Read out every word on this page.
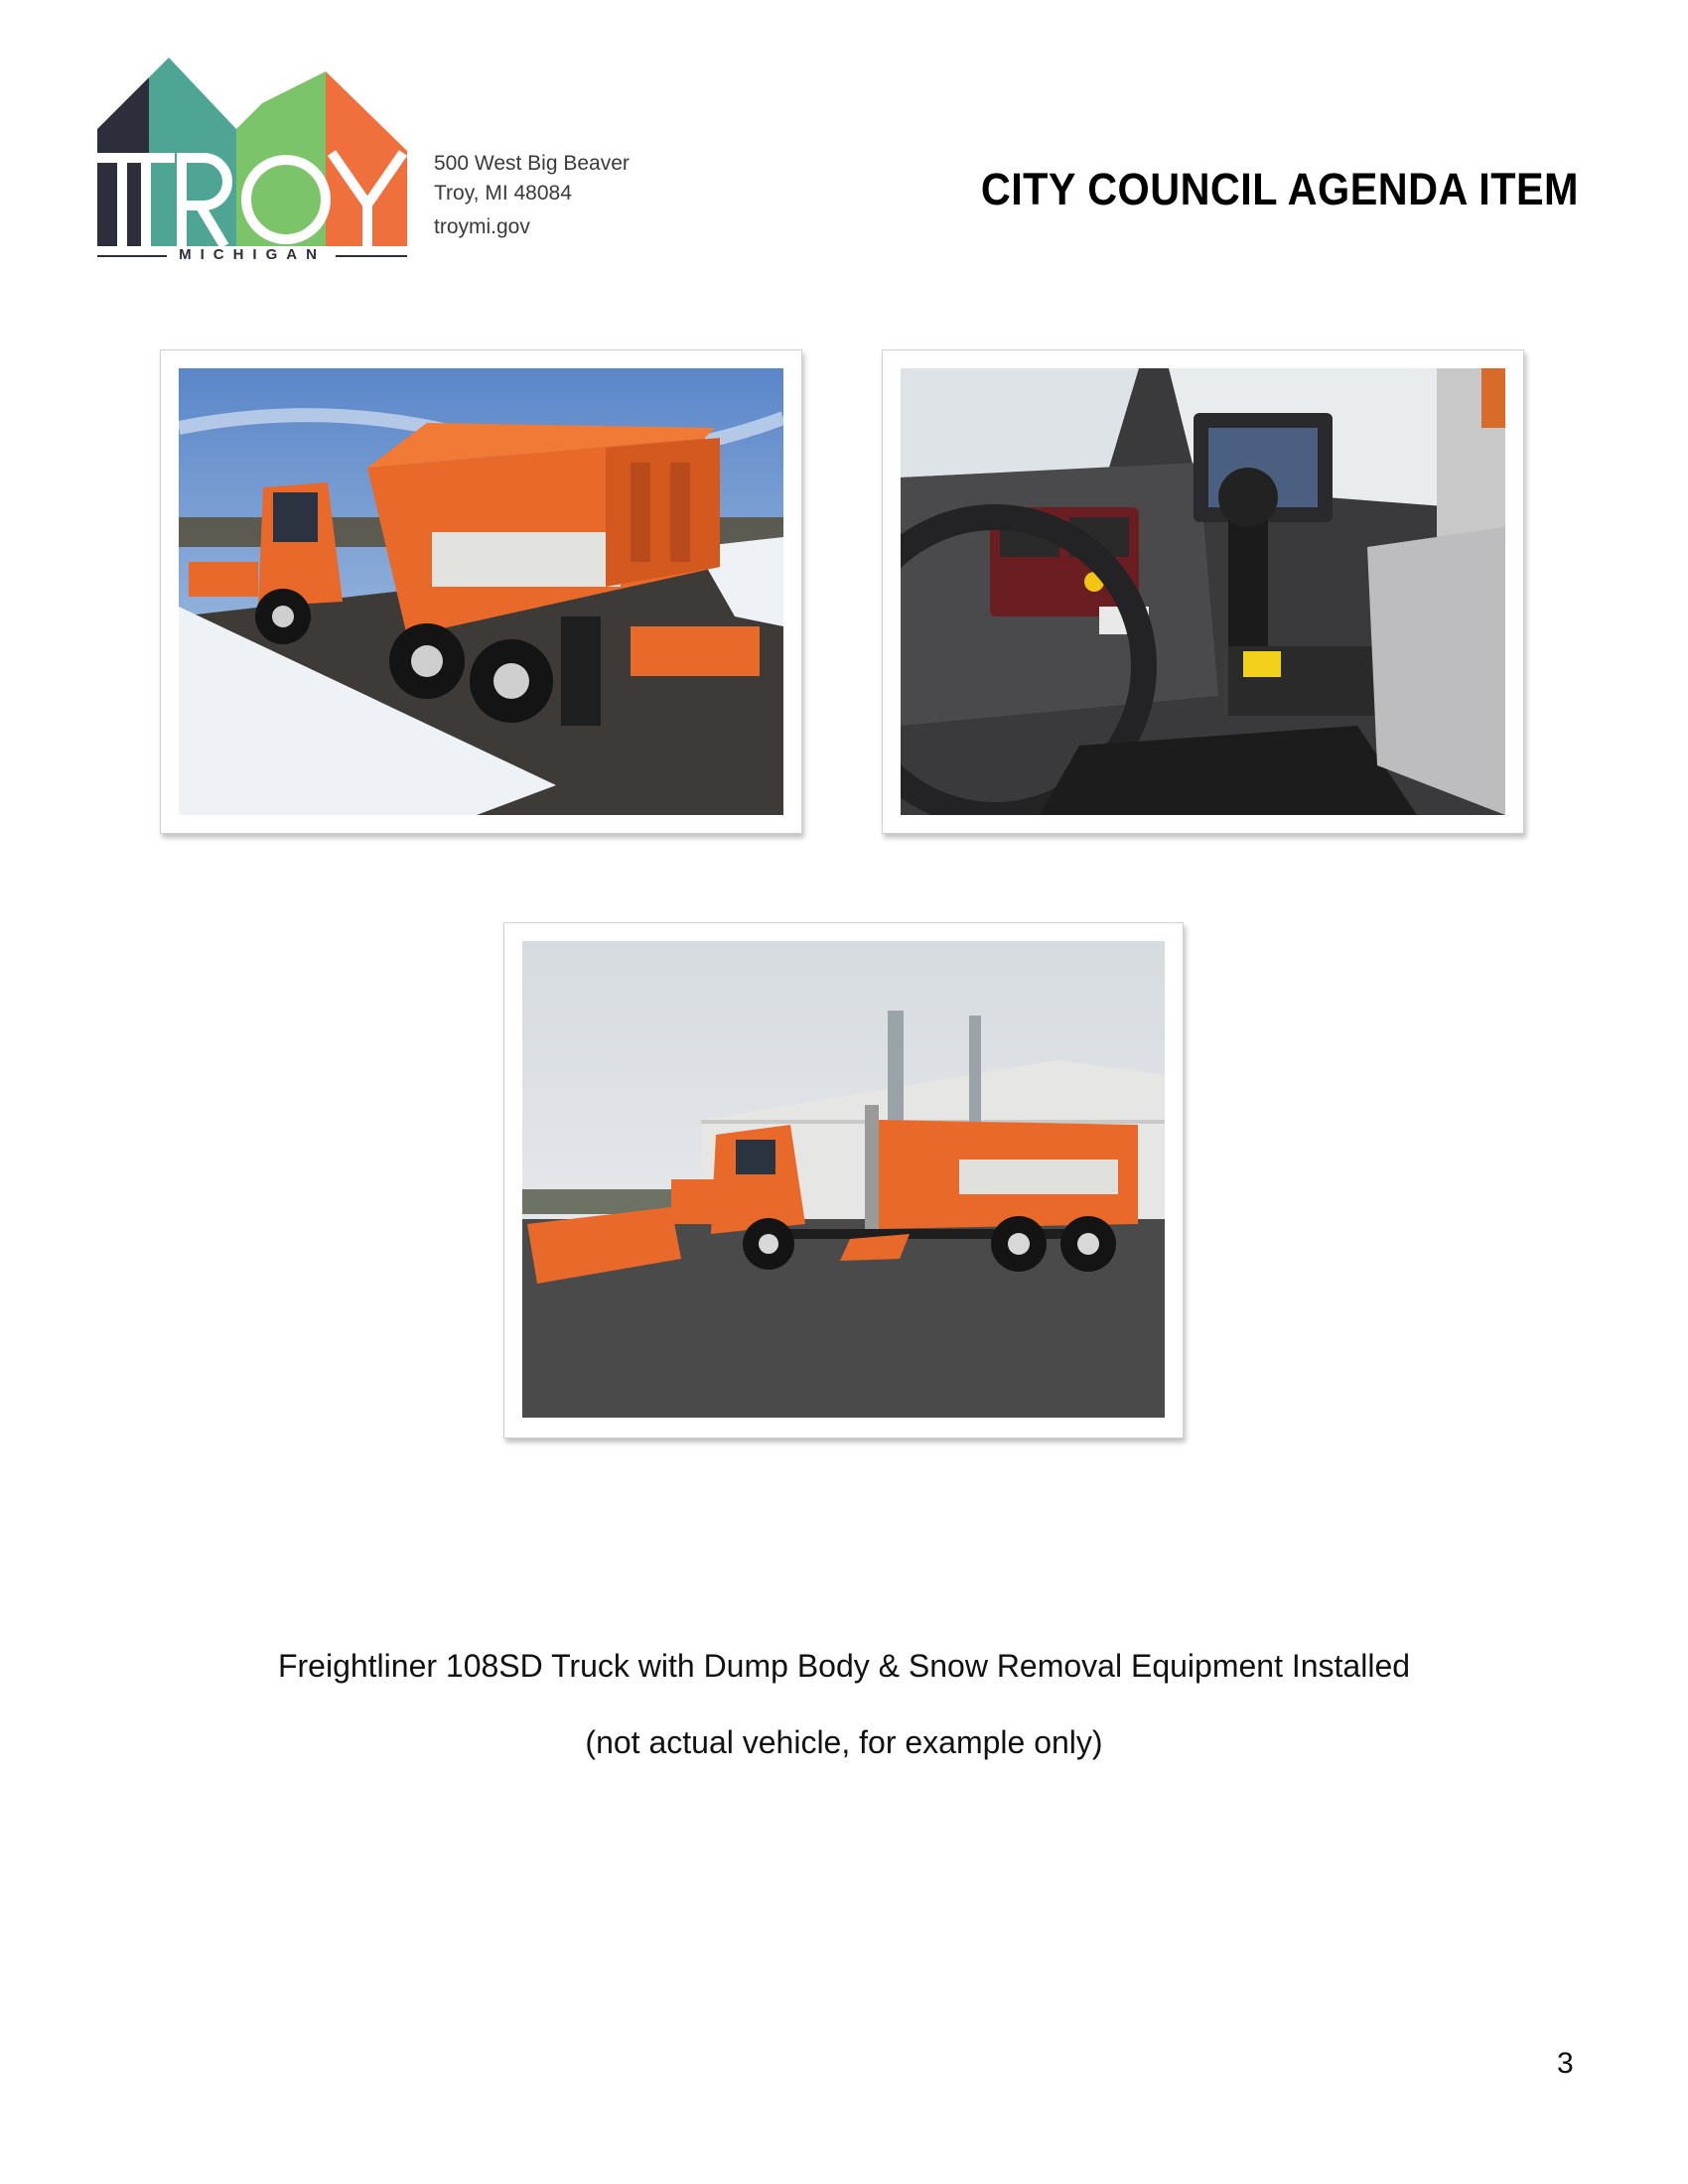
MICHIGAN
500 West Big Beaver
Troy, MI 48084
troymi.gov
CITY COUNCIL AGENDA ITEM
Freightliner 108SD Truck with Dump Body & Snow Removal Equipment Installed
(not actual vehicle, for example only)
3
